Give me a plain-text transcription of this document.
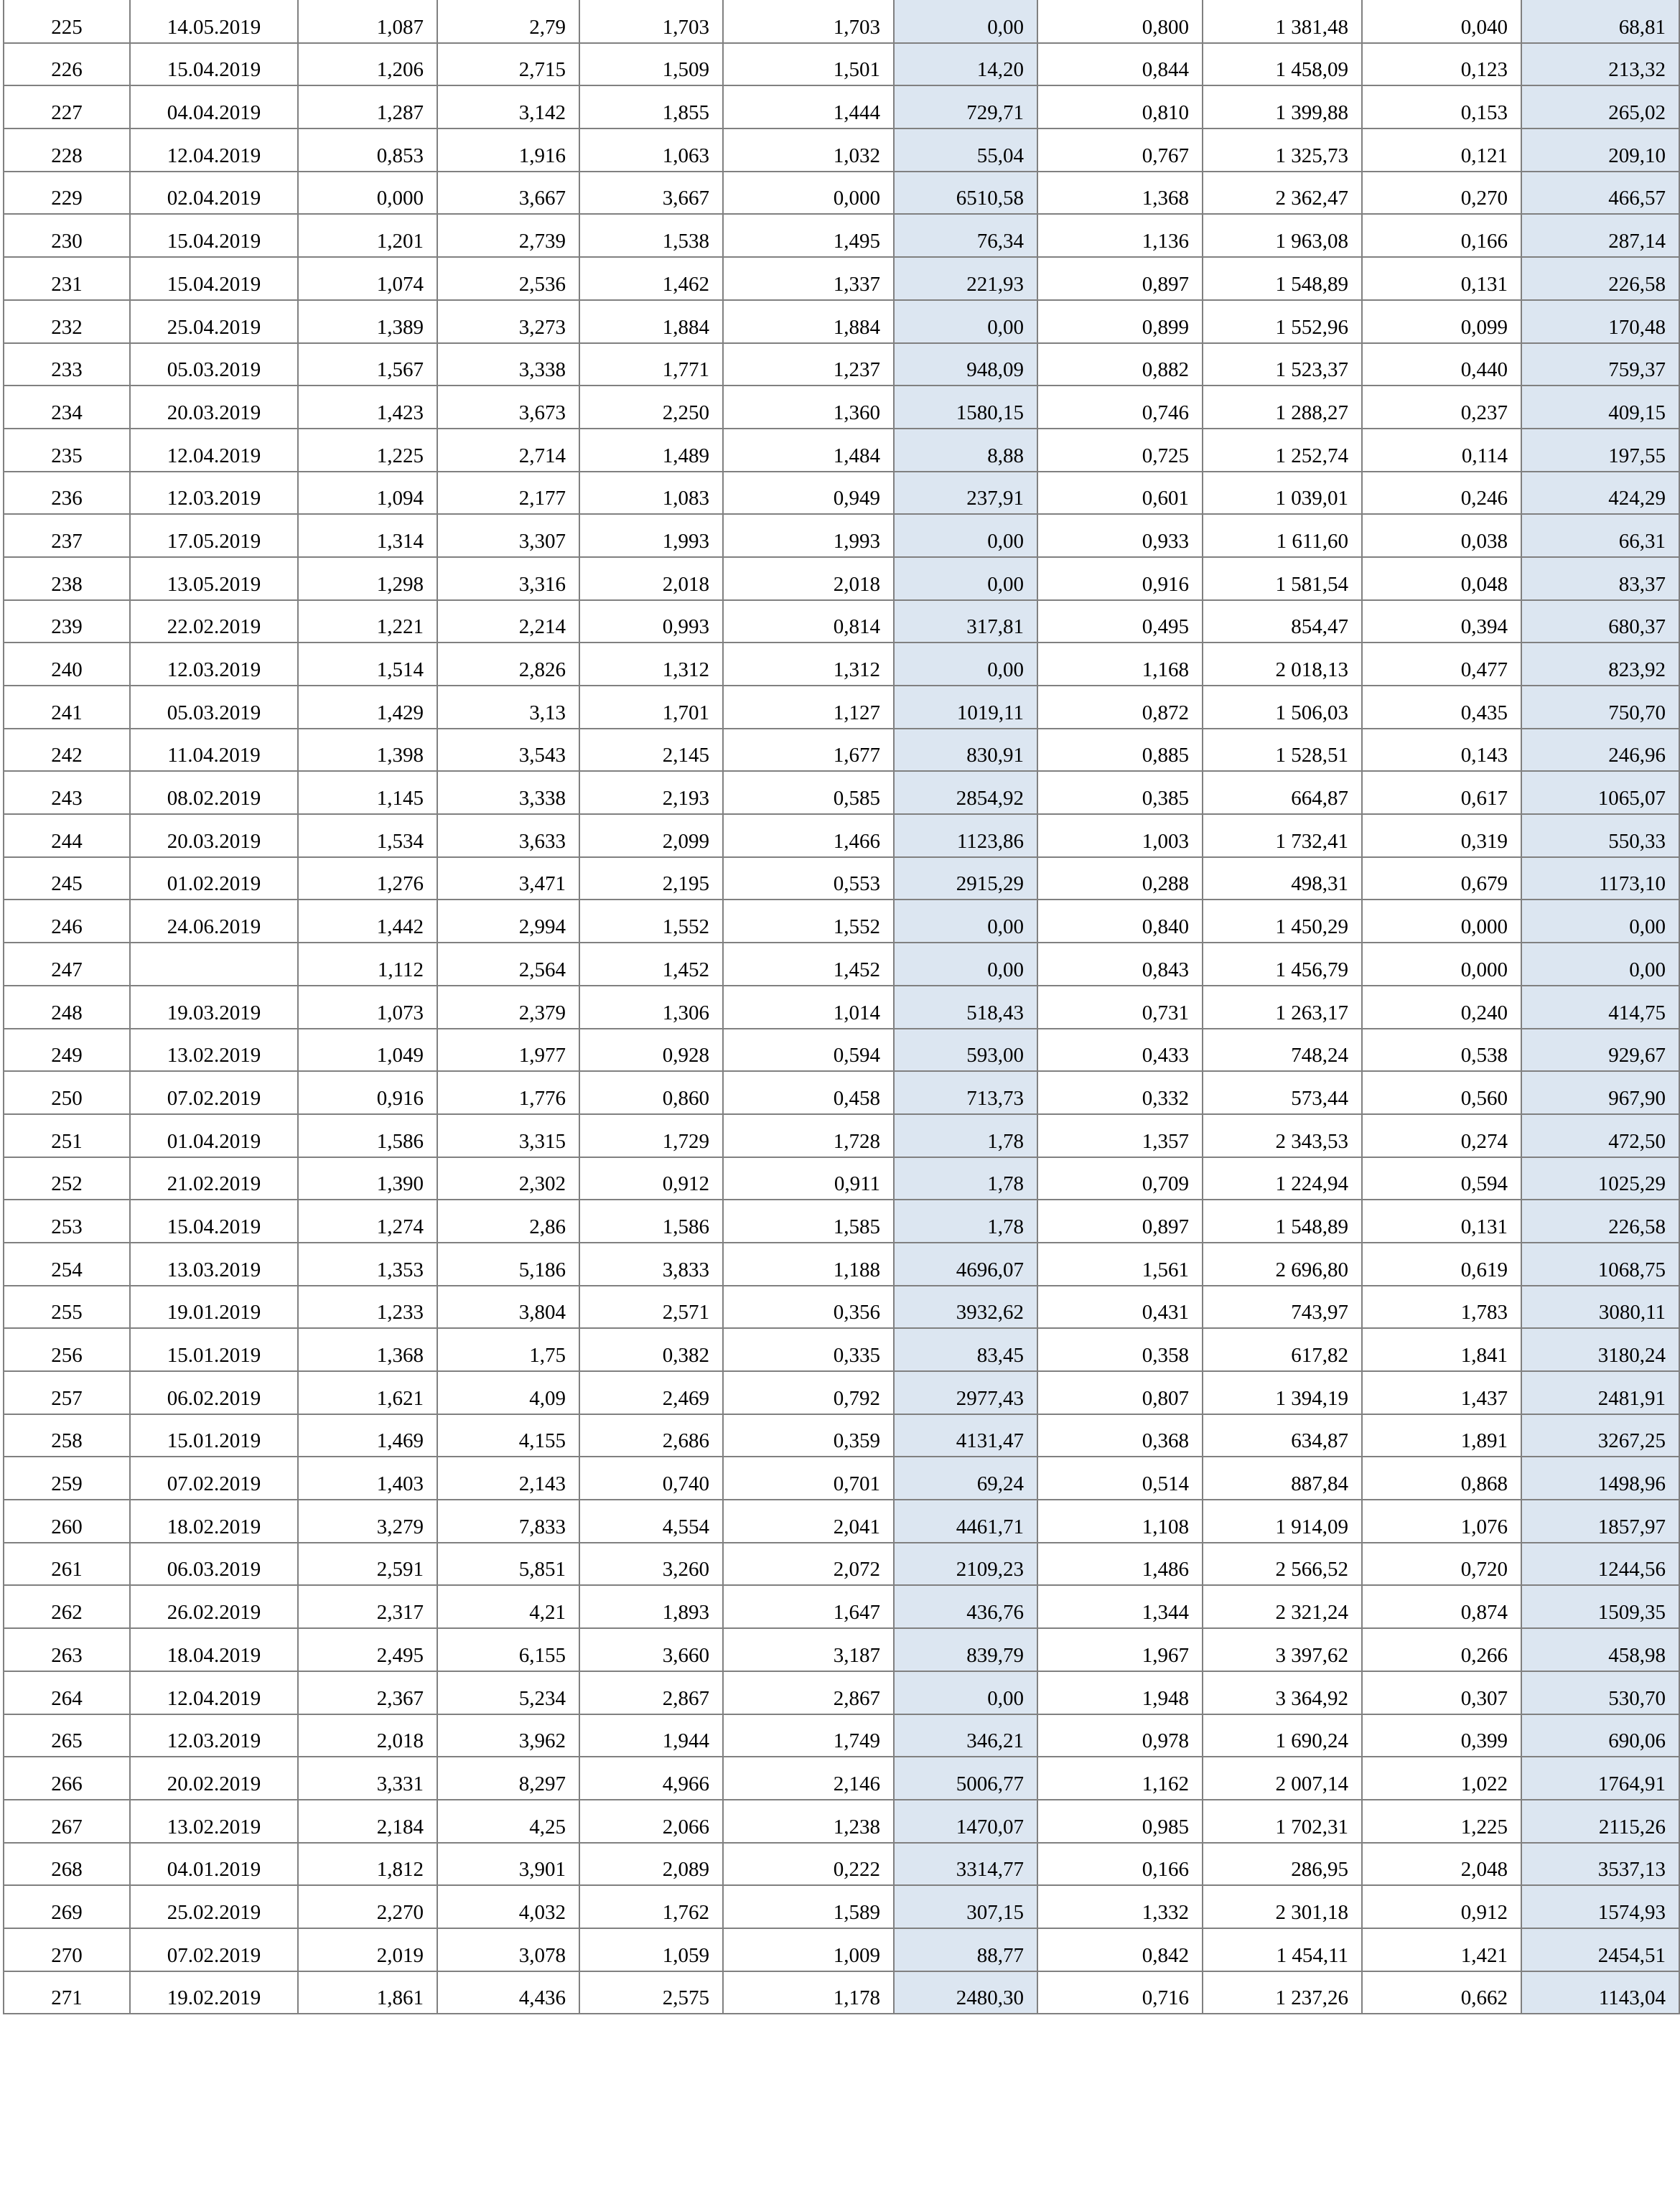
225	14.05.2019	1,087	2,79	1,703	1,703	0,00	0,800	1 381,48	0,040	68,81
226	15.04.2019	1,206	2,715	1,509	1,501	14,20	0,844	1 458,09	0,123	213,32
227	04.04.2019	1,287	3,142	1,855	1,444	729,71	0,810	1 399,88	0,153	265,02
228	12.04.2019	0,853	1,916	1,063	1,032	55,04	0,767	1 325,73	0,121	209,10
229	02.04.2019	0,000	3,667	3,667	0,000	6510,58	1,368	2 362,47	0,270	466,57
230	15.04.2019	1,201	2,739	1,538	1,495	76,34	1,136	1 963,08	0,166	287,14
231	15.04.2019	1,074	2,536	1,462	1,337	221,93	0,897	1 548,89	0,131	226,58
232	25.04.2019	1,389	3,273	1,884	1,884	0,00	0,899	1 552,96	0,099	170,48
233	05.03.2019	1,567	3,338	1,771	1,237	948,09	0,882	1 523,37	0,440	759,37
234	20.03.2019	1,423	3,673	2,250	1,360	1580,15	0,746	1 288,27	0,237	409,15
235	12.04.2019	1,225	2,714	1,489	1,484	8,88	0,725	1 252,74	0,114	197,55
236	12.03.2019	1,094	2,177	1,083	0,949	237,91	0,601	1 039,01	0,246	424,29
237	17.05.2019	1,314	3,307	1,993	1,993	0,00	0,933	1 611,60	0,038	66,31
238	13.05.2019	1,298	3,316	2,018	2,018	0,00	0,916	1 581,54	0,048	83,37
239	22.02.2019	1,221	2,214	0,993	0,814	317,81	0,495	854,47	0,394	680,37
240	12.03.2019	1,514	2,826	1,312	1,312	0,00	1,168	2 018,13	0,477	823,92
241	05.03.2019	1,429	3,13	1,701	1,127	1019,11	0,872	1 506,03	0,435	750,70
242	11.04.2019	1,398	3,543	2,145	1,677	830,91	0,885	1 528,51	0,143	246,96
243	08.02.2019	1,145	3,338	2,193	0,585	2854,92	0,385	664,87	0,617	1065,07
244	20.03.2019	1,534	3,633	2,099	1,466	1123,86	1,003	1 732,41	0,319	550,33
245	01.02.2019	1,276	3,471	2,195	0,553	2915,29	0,288	498,31	0,679	1173,10
246	24.06.2019	1,442	2,994	1,552	1,552	0,00	0,840	1 450,29	0,000	0,00
247		1,112	2,564	1,452	1,452	0,00	0,843	1 456,79	0,000	0,00
248	19.03.2019	1,073	2,379	1,306	1,014	518,43	0,731	1 263,17	0,240	414,75
249	13.02.2019	1,049	1,977	0,928	0,594	593,00	0,433	748,24	0,538	929,67
250	07.02.2019	0,916	1,776	0,860	0,458	713,73	0,332	573,44	0,560	967,90
251	01.04.2019	1,586	3,315	1,729	1,728	1,78	1,357	2 343,53	0,274	472,50
252	21.02.2019	1,390	2,302	0,912	0,911	1,78	0,709	1 224,94	0,594	1025,29
253	15.04.2019	1,274	2,86	1,586	1,585	1,78	0,897	1 548,89	0,131	226,58
254	13.03.2019	1,353	5,186	3,833	1,188	4696,07	1,561	2 696,80	0,619	1068,75
255	19.01.2019	1,233	3,804	2,571	0,356	3932,62	0,431	743,97	1,783	3080,11
256	15.01.2019	1,368	1,75	0,382	0,335	83,45	0,358	617,82	1,841	3180,24
257	06.02.2019	1,621	4,09	2,469	0,792	2977,43	0,807	1 394,19	1,437	2481,91
258	15.01.2019	1,469	4,155	2,686	0,359	4131,47	0,368	634,87	1,891	3267,25
259	07.02.2019	1,403	2,143	0,740	0,701	69,24	0,514	887,84	0,868	1498,96
260	18.02.2019	3,279	7,833	4,554	2,041	4461,71	1,108	1 914,09	1,076	1857,97
261	06.03.2019	2,591	5,851	3,260	2,072	2109,23	1,486	2 566,52	0,720	1244,56
262	26.02.2019	2,317	4,21	1,893	1,647	436,76	1,344	2 321,24	0,874	1509,35
263	18.04.2019	2,495	6,155	3,660	3,187	839,79	1,967	3 397,62	0,266	458,98
264	12.04.2019	2,367	5,234	2,867	2,867	0,00	1,948	3 364,92	0,307	530,70
265	12.03.2019	2,018	3,962	1,944	1,749	346,21	0,978	1 690,24	0,399	690,06
266	20.02.2019	3,331	8,297	4,966	2,146	5006,77	1,162	2 007,14	1,022	1764,91
267	13.02.2019	2,184	4,25	2,066	1,238	1470,07	0,985	1 702,31	1,225	2115,26
268	04.01.2019	1,812	3,901	2,089	0,222	3314,77	0,166	286,95	2,048	3537,13
269	25.02.2019	2,270	4,032	1,762	1,589	307,15	1,332	2 301,18	0,912	1574,93
270	07.02.2019	2,019	3,078	1,059	1,009	88,77	0,842	1 454,11	1,421	2454,51
271	19.02.2019	1,861	4,436	2,575	1,178	2480,30	0,716	1 237,26	0,662	1143,04
